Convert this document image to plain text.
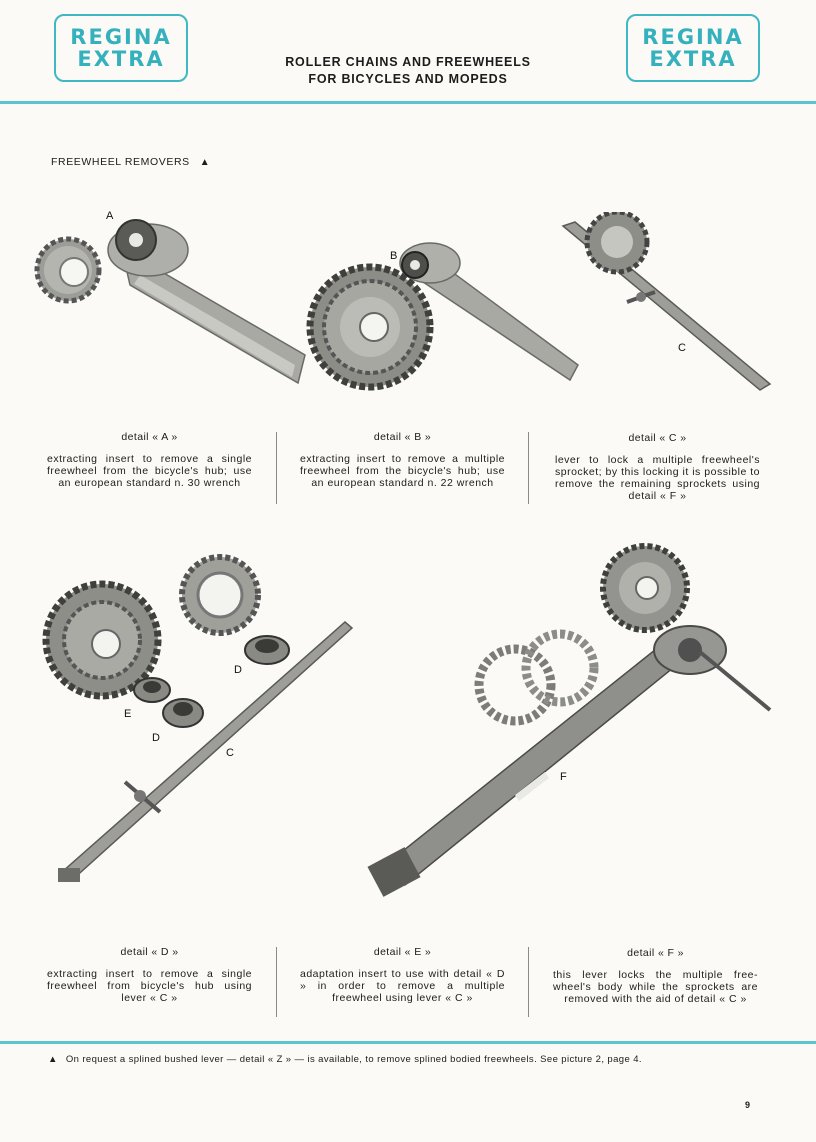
REGINA
EXTRA	ROLLER CHAINS AND FREEWHEELS
FOR BICYCLES AND MOPEDS
REGINA
EXTRA
FREEWHEEL REMOVERS ▲
A
B
C
detail « A »
extracting insert to remove a single freewheel from the bicycle's hub; use an european standard n. 30 wrench
detail « B »
extracting insert to remove a multiple freewheel from the bicycle's hub; use an european standard n. 22 wrench
detail « C »
lever to lock a multiple freewheel's sprocket; by this locking it is possible to remove the remaining sprockets using detail « F »
D
E
D
C
F
detail « D »
extracting insert to remove a single freewheel from bicycle's hub using lever « C »
detail « E »
adaptation insert to use with detail « D » in order to remove a multiple freewheel using lever « C »
detail « F »
this lever locks the multiple free-wheel's body while the sprockets are removed with the aid of detail « C »
▲ On request a splined bushed lever — detail « Z » — is available, to remove splined bodied freewheels. See picture 2, page 4.
9
